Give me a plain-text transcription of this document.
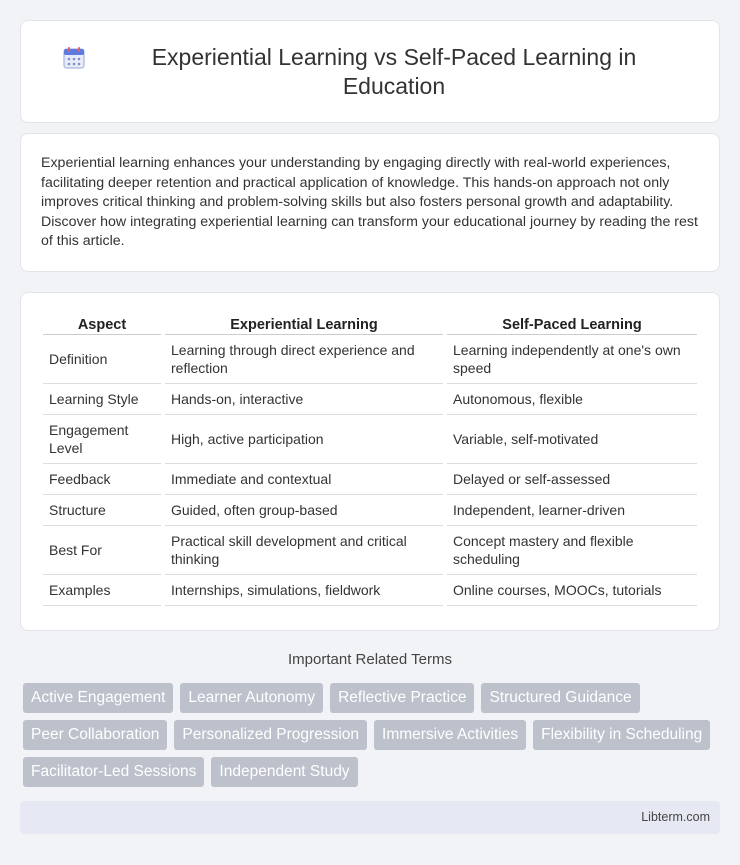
Experiential Learning vs Self-Paced Learning in Education

Experiential learning enhances your understanding by engaging directly with real-world experiences, facilitating deeper retention and practical application of knowledge. This hands-on approach not only improves critical thinking and problem-solving skills but also fosters personal growth and adaptability. Discover how integrating experiential learning can transform your educational journey by reading the rest of this article.

Aspect	Experiential Learning	Self-Paced Learning
Definition	Learning through direct experience and reflection	Learning independently at one's own speed
Learning Style	Hands-on, interactive	Autonomous, flexible
Engagement Level	High, active participation	Variable, self-motivated
Feedback	Immediate and contextual	Delayed or self-assessed
Structure	Guided, often group-based	Independent, learner-driven
Best For	Practical skill development and critical thinking	Concept mastery and flexible scheduling
Examples	Internships, simulations, fieldwork	Online courses, MOOCs, tutorials
Important Related Terms
Active Engagement	Learner Autonomy	Reflective Practice	Structured Guidance
Peer Collaboration	Personalized Progression	Immersive Activities	Flexibility in Scheduling
Facilitator-Led Sessions	Independent Study
Libterm.com
